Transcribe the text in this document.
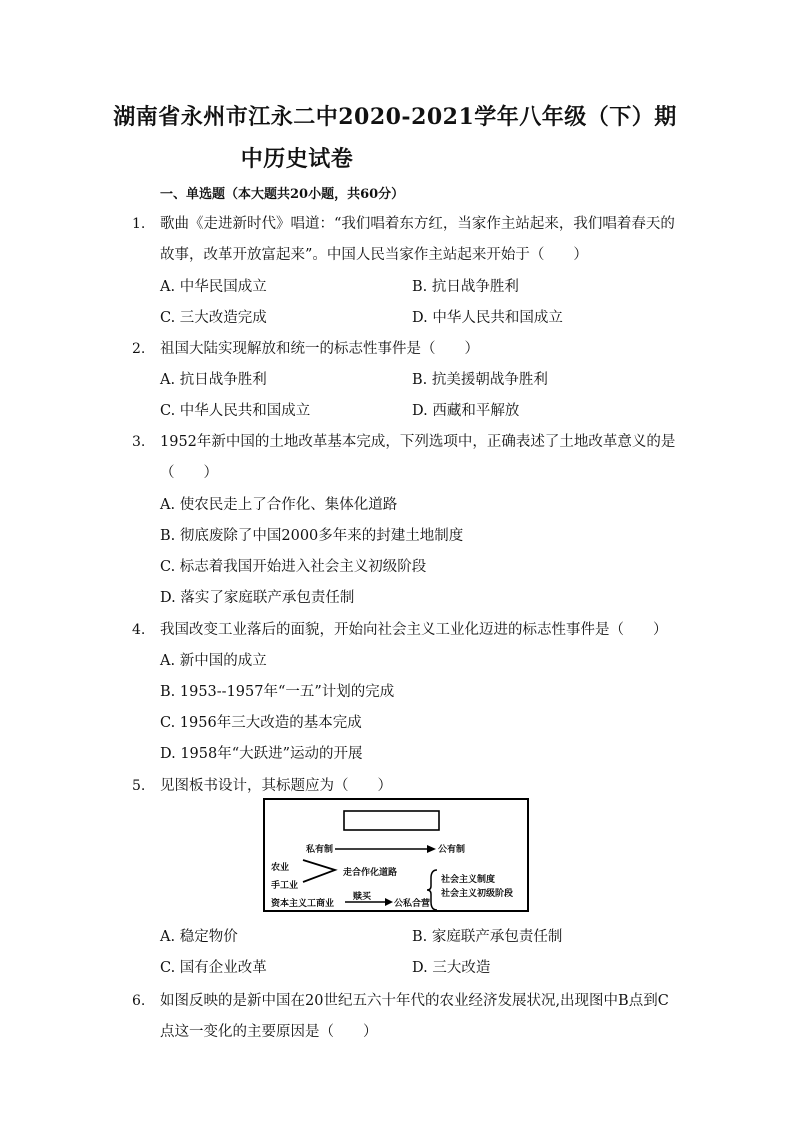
湖南省永州市江永二中2020-2021学年八年级（下）期
中历史试卷
一、单选题（本大题共20小题，共60分）
1. 歌曲《走进新时代》唱道：“我们唱着东方红，当家作主站起来，我们唱着春天的
故事，改革开放富起来”。中国人民当家作主站起来开始于（　　）
A. 中华民国成立	B. 抗日战争胜利
C. 三大改造完成	D. 中华人民共和国成立
2. 祖国大陆实现解放和统一的标志性事件是（　　）
A. 抗日战争胜利	B. 抗美援朝战争胜利
C. 中华人民共和国成立	D. 西藏和平解放
3. 1952年新中国的土地改革基本完成，下列选项中，正确表述了土地改革意义的是
（　　）
A. 使农民走上了合作化、集体化道路
B. 彻底废除了中国2000多年来的封建土地制度
C. 标志着我国开始进入社会主义初级阶段
D. 落实了家庭联产承包责任制
4. 我国改变工业落后的面貌，开始向社会主义工业化迈进的标志性事件是（　　）
A. 新中国的成立
B. 1953--1957年“一五”计划的完成
C. 1956年三大改造的基本完成
D. 1958年“大跃进”运动的开展
5. 见图板书设计，其标题应为（　　）
私有制	公有制
农业
手工业
资本主义工商业
走合作化道路
赎买
公私合营
社会主义制度
社会主义初级阶段
A. 稳定物价	B. 家庭联产承包责任制
C. 国有企业改革	D. 三大改造
6. 如图反映的是新中国在20世纪五六十年代的农业经济发展状况,出现图中B点到C
点这一变化的主要原因是（　　）
